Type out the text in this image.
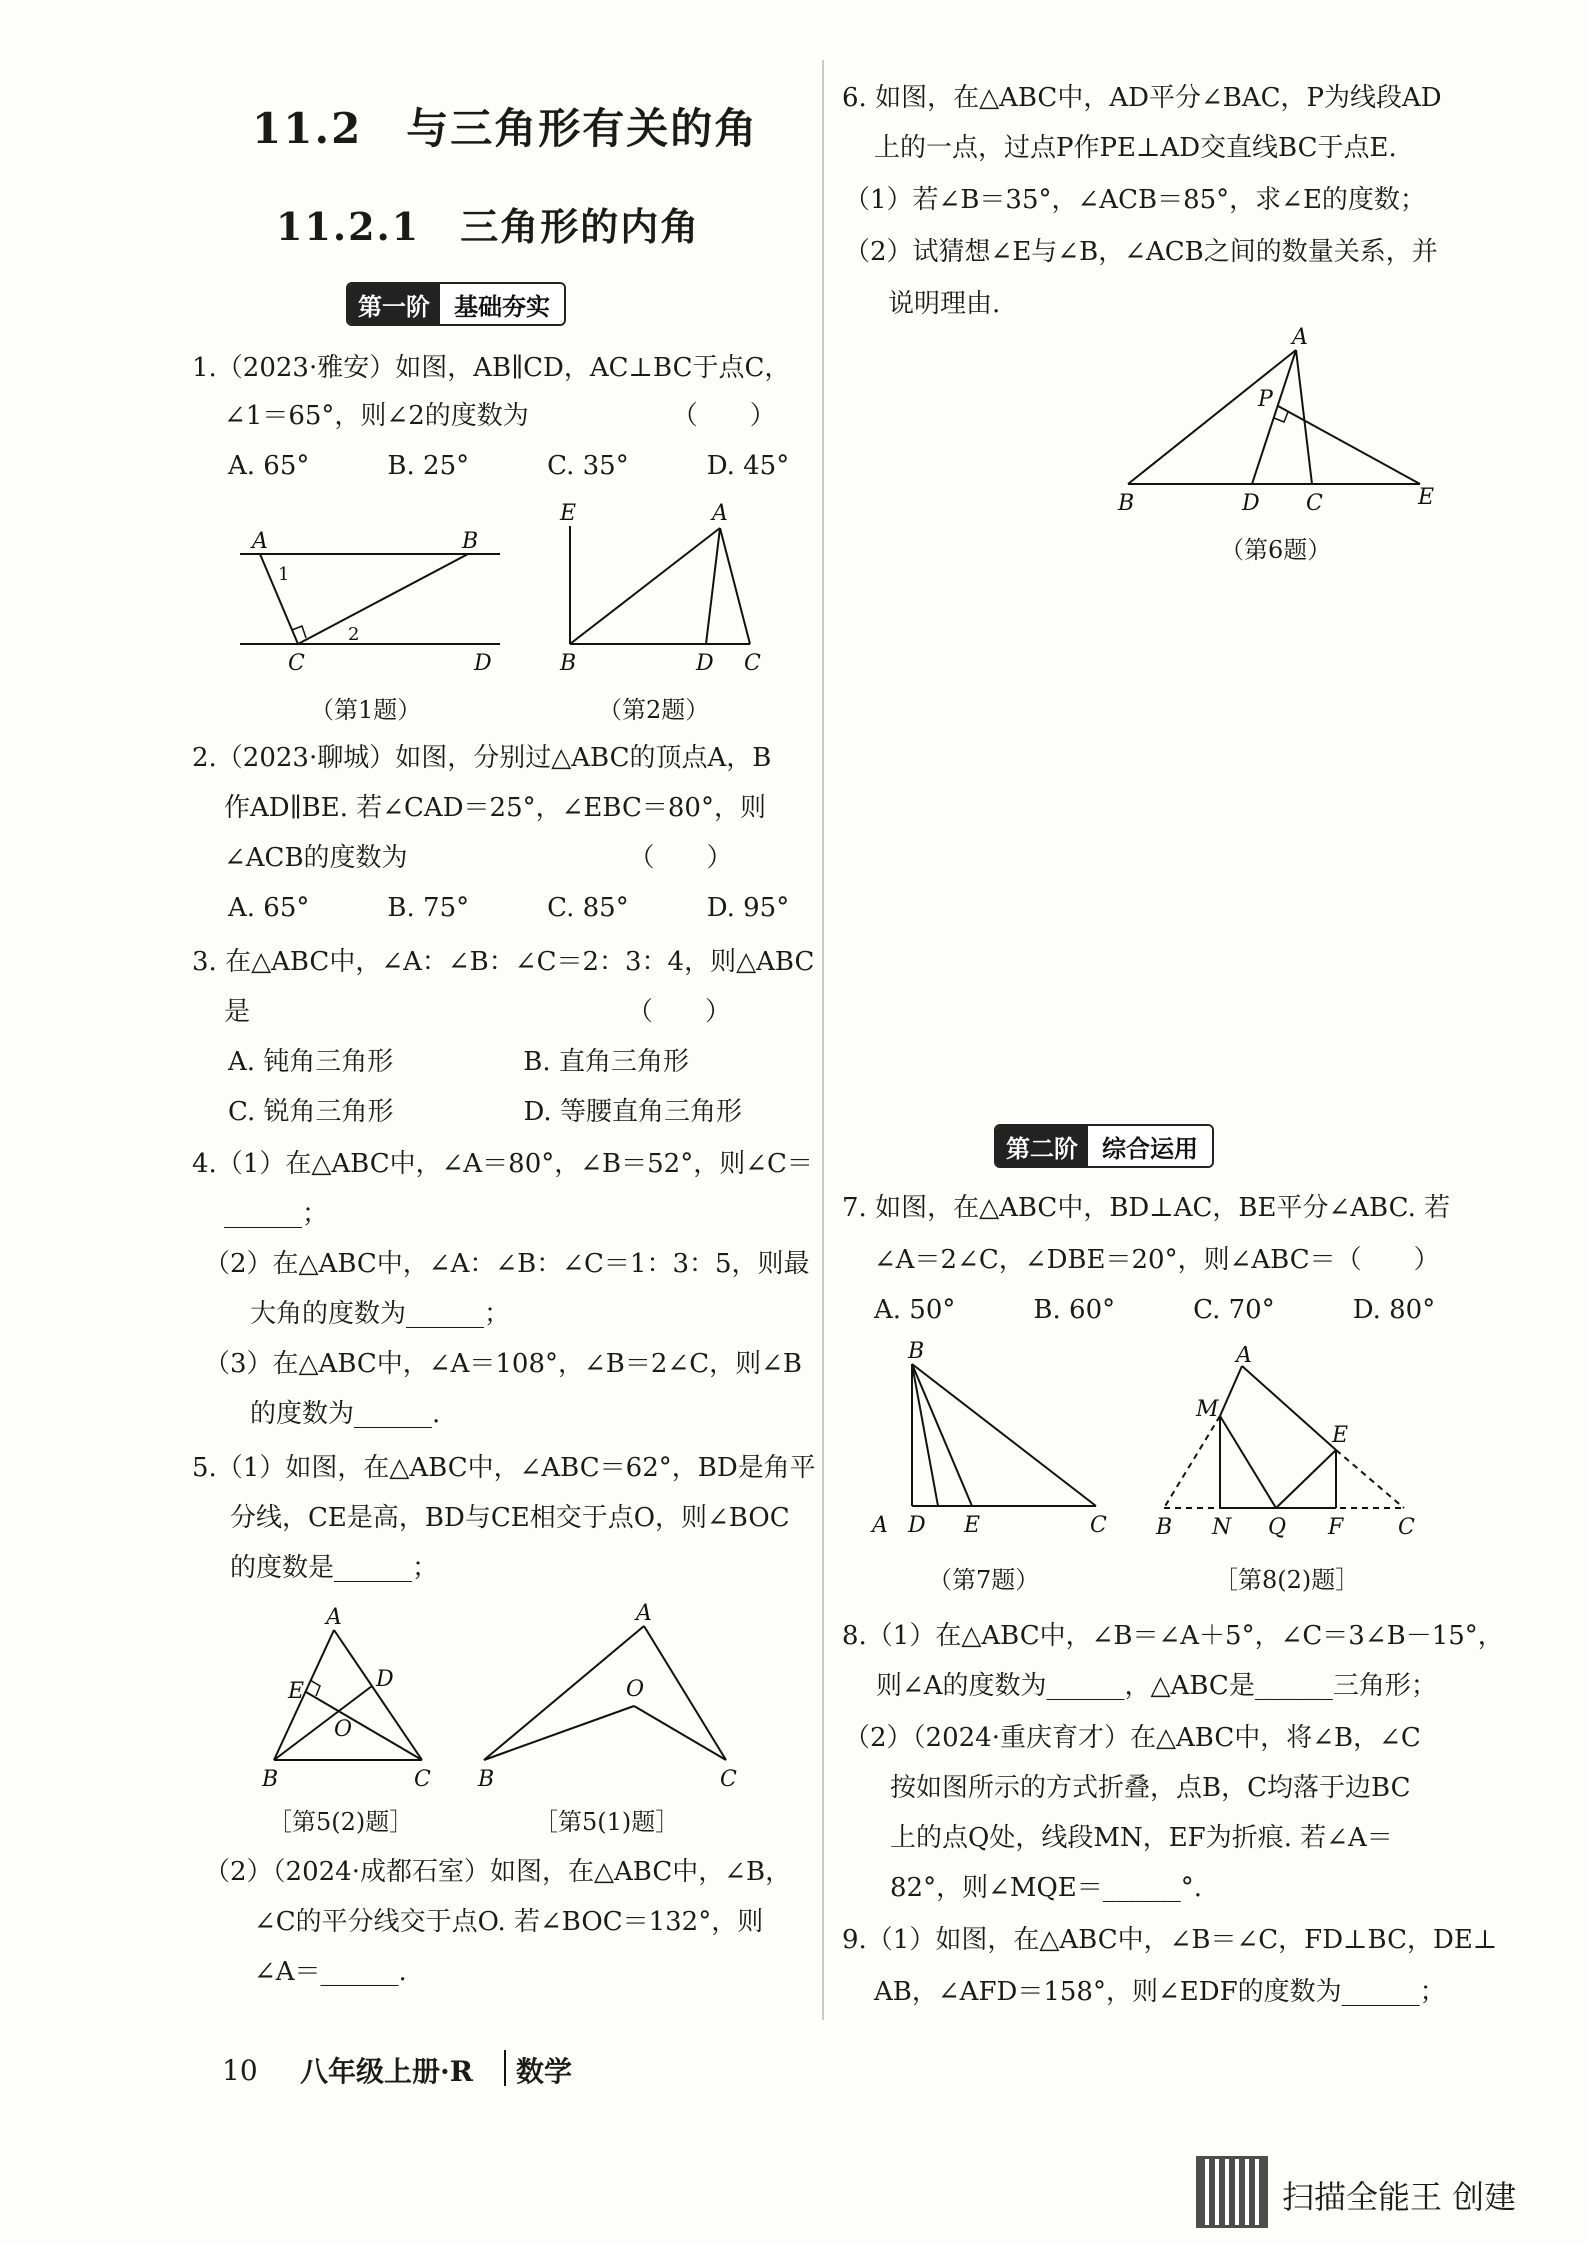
11.2　与三角形有关的角
11.2.1　三角形的内角
第一阶	基础夯实
1.（2023·雅安）如图，AB∥CD，AC⊥BC于点C，
∠1＝65°，则∠2的度数为　　　　　　（　　）
A. 65°　　　B. 25°　　　C. 35°　　　D. 45°
A	B
C	D
1
2
E	A
B	D C
（第1题）	（第2题）
2.（2023·聊城）如图，分别过△ABC的顶点A，B
作AD∥BE. 若∠CAD＝25°，∠EBC＝80°，则
∠ACB的度数为　　　　　　　　　（　　）
A. 65°　　　B. 75°　　　C. 85°　　　D. 95°
3. 在△ABC中，∠A：∠B：∠C＝2：3：4，则△ABC
是　　　　　　　　　　　　　　　（　　）
A. 钝角三角形　　　　　B. 直角三角形
C. 锐角三角形　　　　　D. 等腰直角三角形
4.（1）在△ABC中，∠A＝80°，∠B＝52°，则∠C＝
______；
（2）在△ABC中，∠A：∠B：∠C＝1：3：5，则最
大角的度数为______；
（3）在△ABC中，∠A＝108°，∠B＝2∠C，则∠B
的度数为______.
5.（1）如图，在△ABC中，∠ABC＝62°，BD是角平
分线，CE是高，BD与CE相交于点O，则∠BOC
的度数是______；
A
E	D
O
B	C
A
O
B	C
［第5(2)题］	［第5(1)题］
（2）（2024·成都石室）如图，在△ABC中，∠B，
∠C的平分线交于点O. 若∠BOC＝132°，则
∠A＝______.
6. 如图，在△ABC中，AD平分∠BAC，P为线段AD
上的一点，过点P作PE⊥AD交直线BC于点E.
（1）若∠B＝35°，∠ACB＝85°，求∠E的度数；
（2）试猜想∠E与∠B，∠ACB之间的数量关系，并
说明理由.
A
P
B	D C	E
（第6题）
第二阶	综合运用
7. 如图，在△ABC中，BD⊥AC，BE平分∠ABC. 若
∠A＝2∠C，∠DBE＝20°，则∠ABC＝（　　）
A. 50°　　　B. 60°　　　C. 70°　　　D. 80°
B
A D E	C
A
M
E
B N Q F C
（第7题）	［第8(2)题］
8.（1）在△ABC中，∠B＝∠A＋5°，∠C＝3∠B－15°，
则∠A的度数为______，△ABC是______三角形；
（2）（2024·重庆育才）在△ABC中，将∠B，∠C
按如图所示的方式折叠，点B，C均落于边BC
上的点Q处，线段MN，EF为折痕. 若∠A＝
82°，则∠MQE＝______°.
9.（1）如图，在△ABC中，∠B＝∠C，FD⊥BC，DE⊥
AB，∠AFD＝158°，则∠EDF的度数为______；
10 八年级上册·R 数学
扫描全能王 创建
